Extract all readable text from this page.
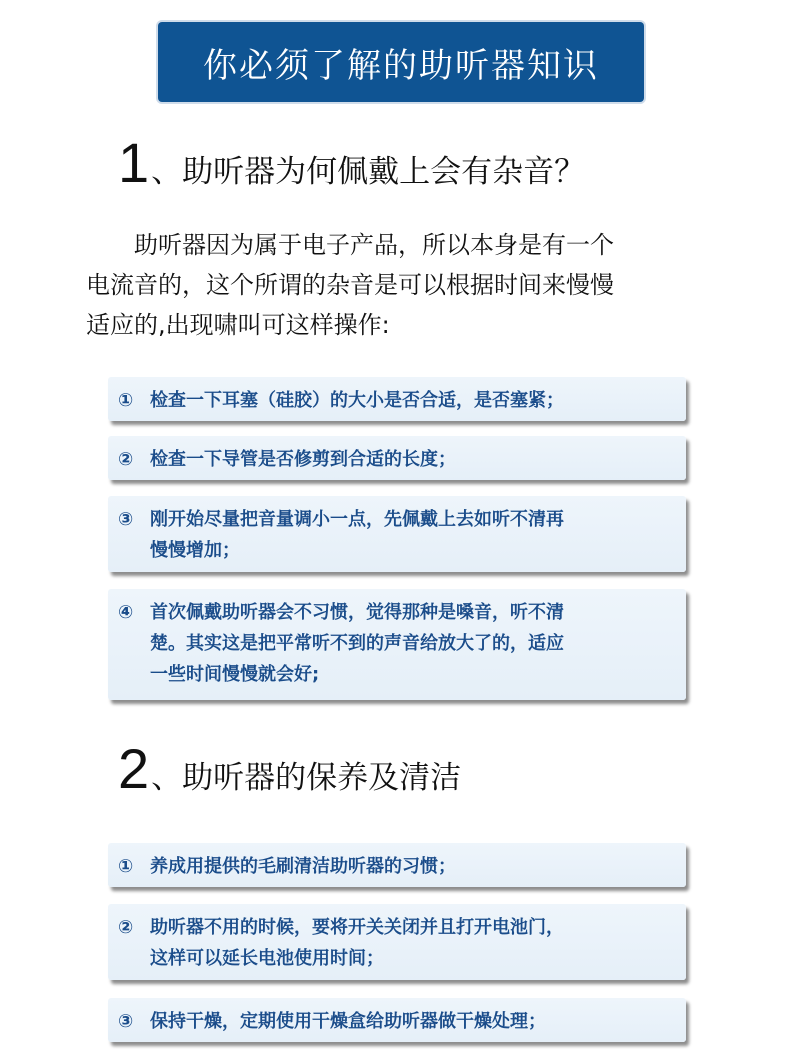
你必须了解的助听器知识
1 、助听器为何佩戴上会有杂音？
　　助听器因为属于电子产品，所以本身是有一个
电流音的，这个所谓的杂音是可以根据时间来慢慢
适应的,出现啸叫可这样操作:
① 检查一下耳塞（硅胶）的大小是否合适，是否塞紧；
② 检查一下导管是否修剪到合适的长度；
③ 刚开始尽量把音量调小一点，先佩戴上去如听不清再
慢慢增加；
④ 首次佩戴助听器会不习惯，觉得那种是嗓音，听不清
楚。其实这是把平常听不到的声音给放大了的，适应
一些时间慢慢就会好;
2 、助听器的保养及清洁
① 养成用提供的毛刷清洁助听器的习惯；
② 助听器不用的时候，要将开关关闭并且打开电池门，
这样可以延长电池使用时间；
③ 保持干燥，定期使用干燥盒给助听器做干燥处理；
